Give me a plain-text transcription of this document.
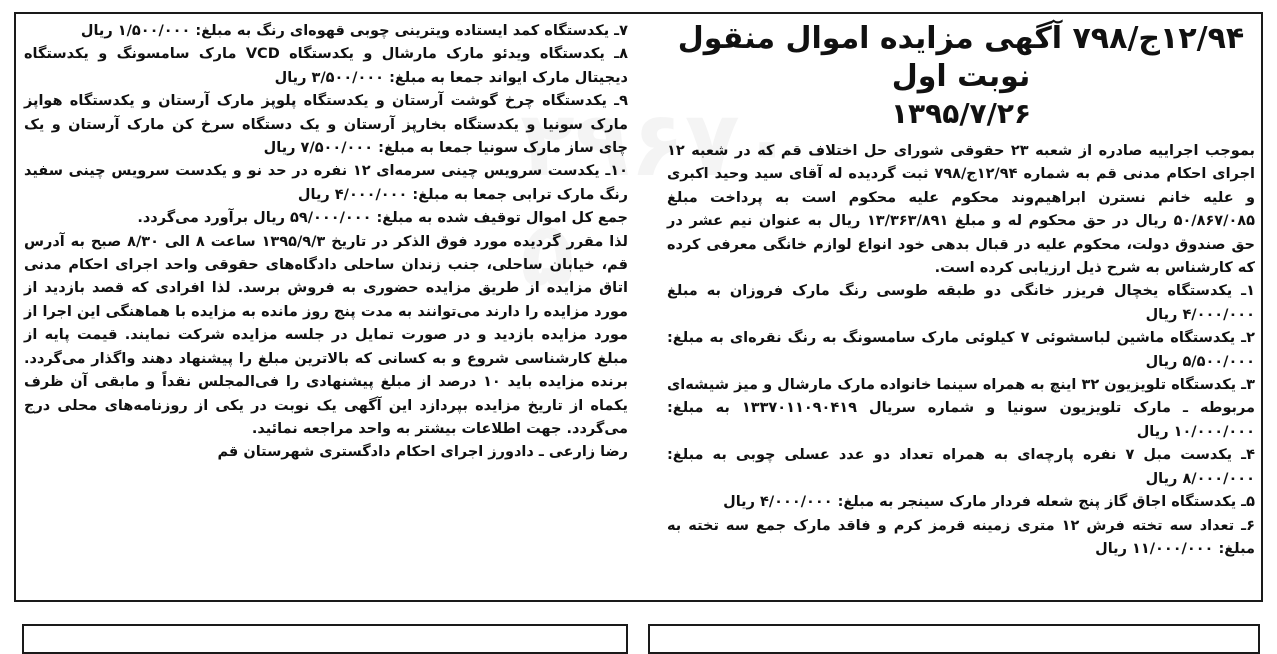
۱۲/۹۴ج/۷۹۸ آگهی مزایده اموال منقول نوبت اول

۱۳۹۵/۷/۲۶

بموجب اجراییه صادره از شعبه ۲۳ حقوقی شورای حل اختلاف قم که در شعبه ۱۲ اجرای احکام مدنی قم به شماره ۱۲/۹۴ج/۷۹۸ ثبت گردیده له آقای سید وحید اکبری و علیه خانم نسترن ابراهیم‌وند محکوم علیه محکوم است به پرداخت مبلغ ۵۰/۸۶۷/۰۸۵ ریال در حق محکوم له و مبلغ ۱۳/۳۶۳/۸۹۱ ریال به عنوان نیم عشر در حق صندوق دولت، محکوم علیه در قبال بدهی خود انواع لوازم خانگی معرفی کرده که کارشناس به شرح ذیل ارزیابی کرده است.

۱ـ یکدستگاه یخچال فریزر خانگی دو طبقه طوسی رنگ مارک فروزان به مبلغ ۴/۰۰۰/۰۰۰ ریال

۲ـ یکدستگاه ماشین لباسشوئی ۷ کیلوئی مارک سامسونگ به رنگ نقره‌ای به مبلغ: ۵/۵۰۰/۰۰۰ ریال

۳ـ یکدستگاه تلویزیون ۳۲ اینچ به همراه سینما خانواده مارک مارشال و میز شیشه‌ای مربوطه ـ مارک تلویزیون سونیا و شماره سریال ۱۳۳۷۰۱۱۰۹۰۴۱۹ به مبلغ: ۱۰/۰۰۰/۰۰۰ ریال

۴ـ یکدست مبل ۷ نفره پارچه‌ای به همراه تعداد دو عدد عسلی چوبی به مبلغ: ۸/۰۰۰/۰۰۰ ریال

۵ـ یکدستگاه اجاق گاز پنج شعله فردار مارک سینجر به مبلغ: ۴/۰۰۰/۰۰۰ ریال

۶ـ تعداد سه تخته فرش ۱۲ متری زمینه قرمز کرم و فاقد مارک جمع سه تخته به مبلغ: ۱۱/۰۰۰/۰۰۰ ریال

۷ـ یکدستگاه کمد ایستاده ویترینی چوبی قهوه‌ای رنگ به مبلغ: ۱/۵۰۰/۰۰۰ ریال

۸ـ یکدستگاه ویدئو مارک مارشال و یکدستگاه VCD مارک سامسونگ و یکدستگاه دیجیتال مارک ایواند جمعا به مبلغ: ۳/۵۰۰/۰۰۰ ریال

۹ـ یکدستگاه چرخ گوشت آرستان و یکدستگاه پلوپز مارک آرستان و یکدستگاه هواپز مارک سونیا و یکدستگاه بخارپز آرستان و یک دستگاه سرخ کن مارک آرستان و یک چای ساز مارک سونیا جمعا به مبلغ: ۷/۵۰۰/۰۰۰ ریال

۱۰ـ یکدست سرویس چینی سرمه‌ای ۱۲ نفره در حد نو و یکدست سرویس چینی سفید رنگ مارک ترابی جمعا به مبلغ: ۴/۰۰۰/۰۰۰ ریال

جمع کل اموال توقیف شده به مبلغ: ۵۹/۰۰۰/۰۰۰ ریال برآورد می‌گردد.

لذا مقرر گردیده مورد فوق الذکر در تاریخ ۱۳۹۵/۹/۳ ساعت ۸ الی ۸/۳۰ صبح به آدرس قم، خیابان ساحلی، جنب زندان ساحلی دادگاه‌های حقوقی واحد اجرای احکام مدنی اتاق مزایده از طریق مزایده حضوری به فروش برسد. لذا افرادی که قصد بازدید از مورد مزایده را دارند می‌توانند به مدت پنج روز مانده به مزایده با هماهنگی این اجرا از مورد مزایده بازدید و در صورت تمایل در جلسه مزایده شرکت نمایند. قیمت پایه از مبلغ کارشناسی شروع و به کسانی که بالاترین مبلغ را پیشنهاد دهند واگذار می‌گردد. برنده مزایده باید ۱۰ درصد از مبلغ پیشنهادی را فی‌المجلس نقداً و مابقی آن ظرف یکماه از تاریخ مزایده بپردازد این آگهی یک نوبت در یکی از روزنامه‌های محلی درج می‌گردد. جهت اطلاعات بیشتر به واحد مراجعه نمائید.

رضا زارعی ـ دادورز اجرای احکام دادگستری شهرستان قم
